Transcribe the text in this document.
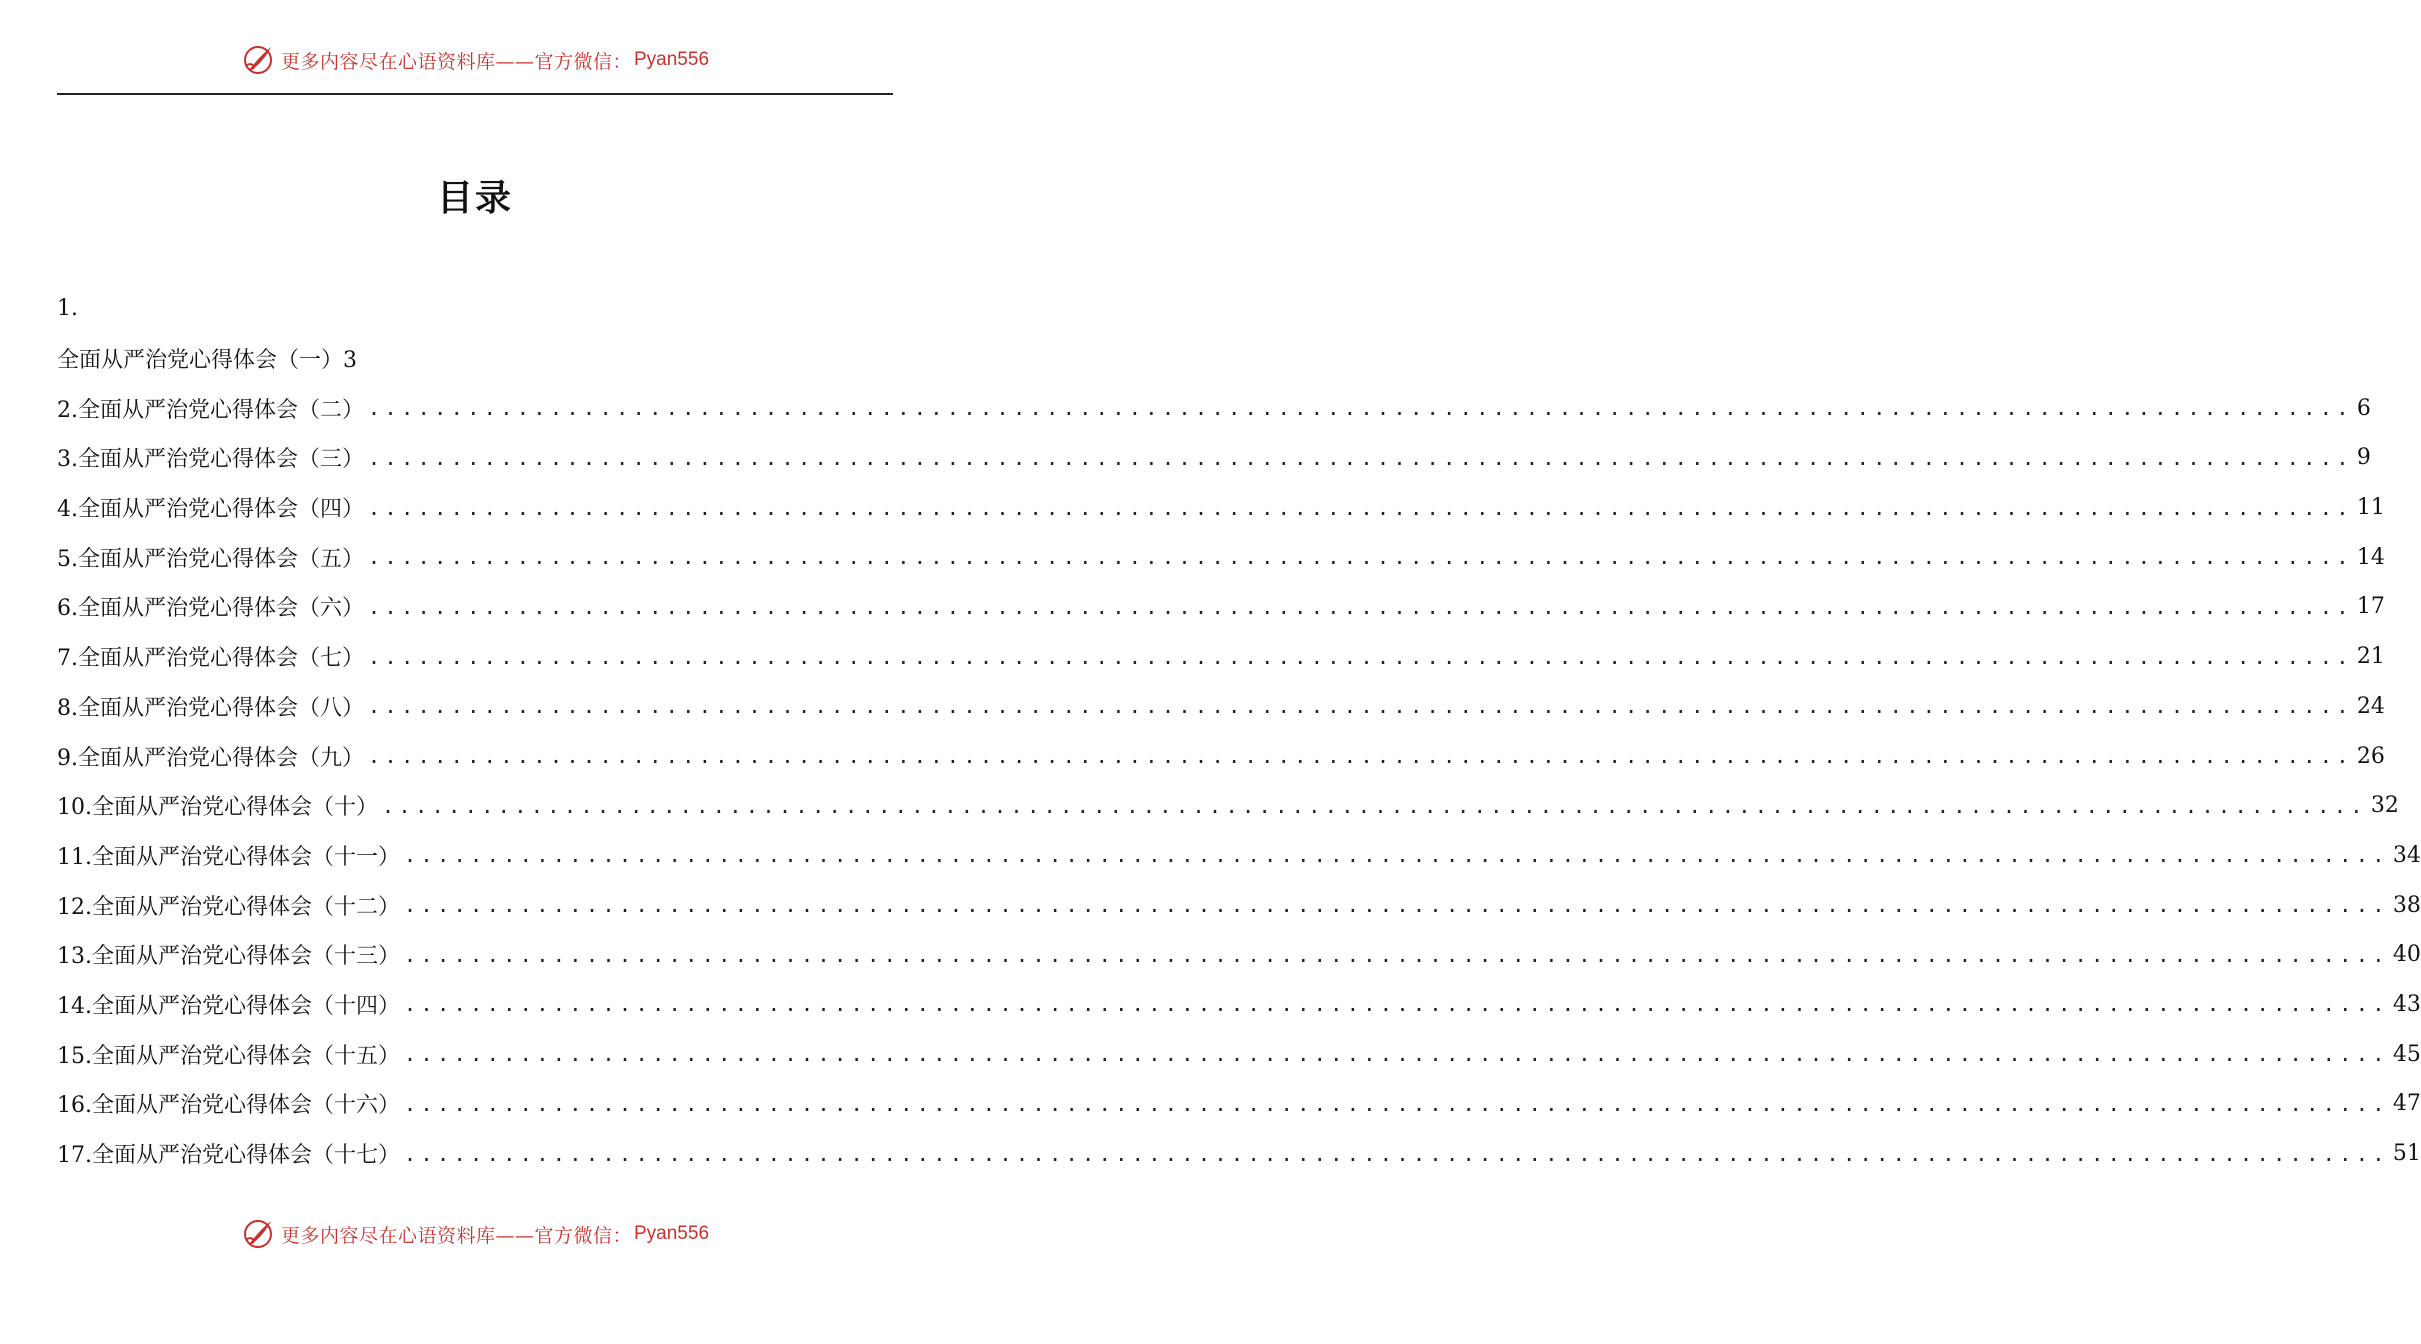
更多内容尽在心语资料库——官方微信： Pyan556
目录
1.
全面从严治党心得体会（一）3
2.全面从严治党心得体会（二） ........................................................................................................................ 6
3.全面从严治党心得体会（三） ........................................................................................................................ 9
4.全面从严治党心得体会（四） ........................................................................................................................ 11
5.全面从严治党心得体会（五） ........................................................................................................................ 14
6.全面从严治党心得体会（六） ........................................................................................................................ 17
7.全面从严治党心得体会（七） ........................................................................................................................ 21
8.全面从严治党心得体会（八） ........................................................................................................................ 24
9.全面从严治党心得体会（九） ........................................................................................................................ 26
10.全面从严治党心得体会（十） ........................................................................................................................ 32
11.全面从严治党心得体会（十一） ........................................................................................................................ 34
12.全面从严治党心得体会（十二） ........................................................................................................................ 38
13.全面从严治党心得体会（十三） ........................................................................................................................ 40
14.全面从严治党心得体会（十四） ........................................................................................................................ 43
15.全面从严治党心得体会（十五） ........................................................................................................................ 45
16.全面从严治党心得体会（十六） ........................................................................................................................ 47
17.全面从严治党心得体会（十七） ........................................................................................................................ 51
更多内容尽在心语资料库——官方微信： Pyan556
